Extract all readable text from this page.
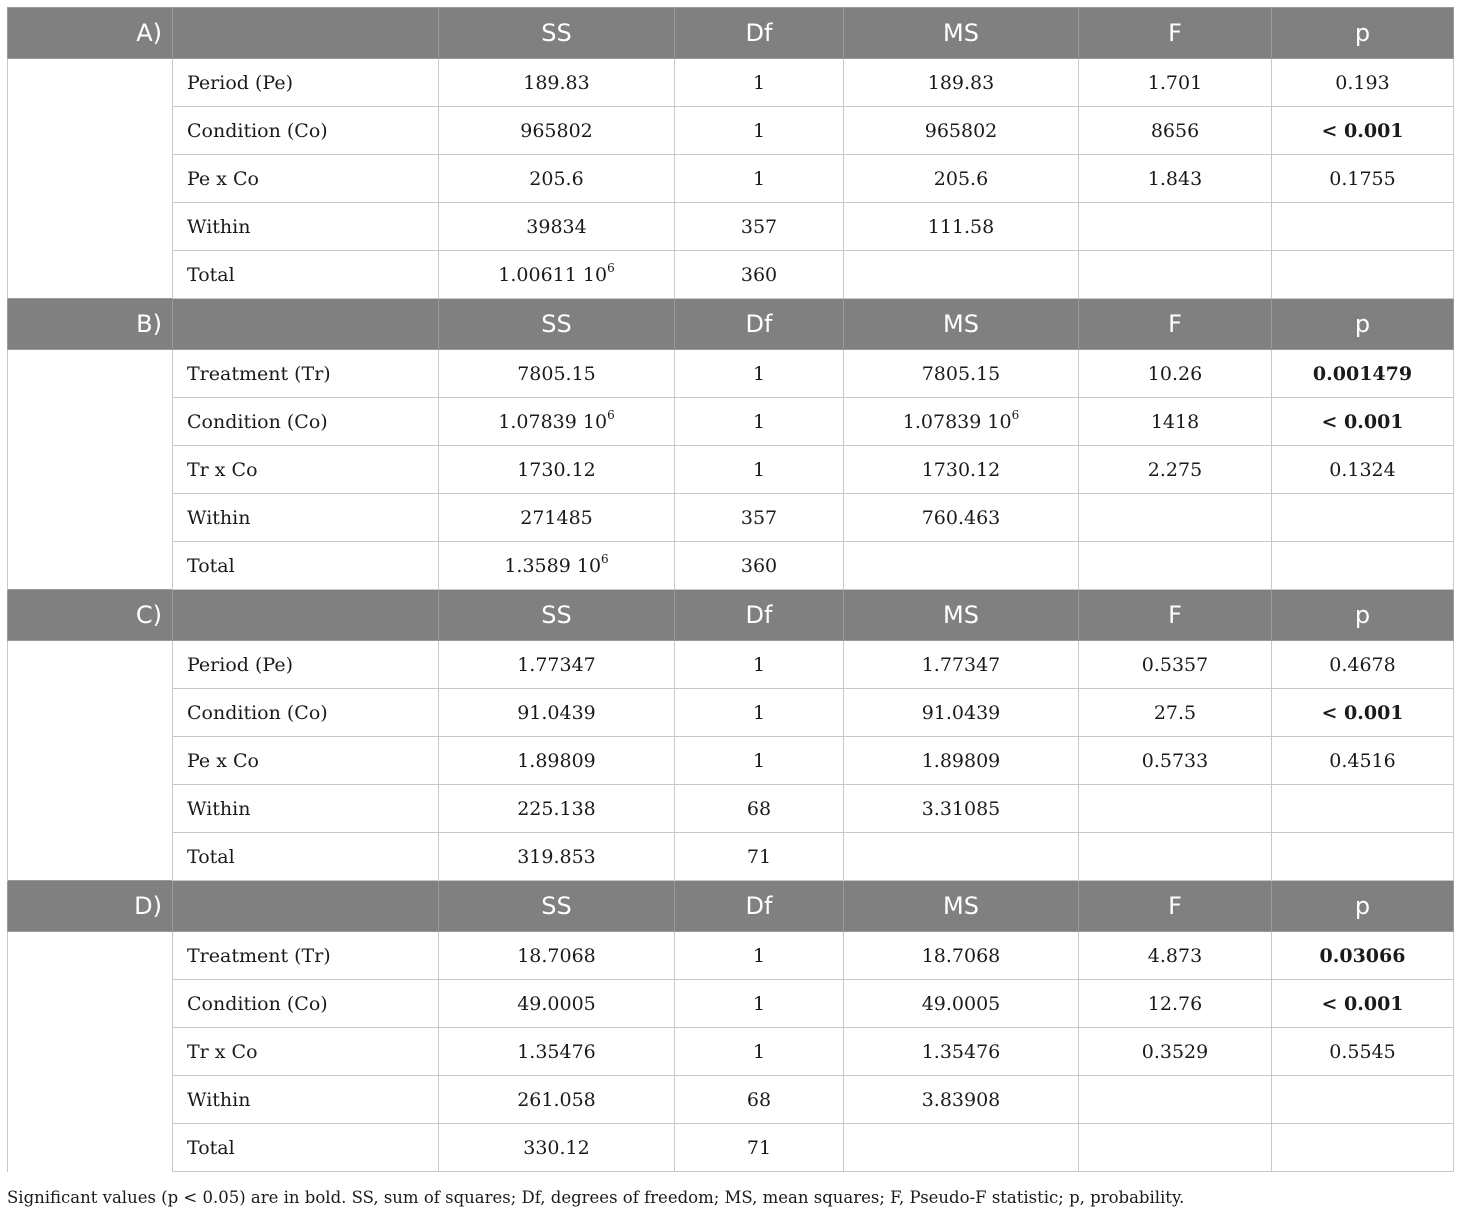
A)		SS	Df	MS	F	p
	Period (Pe)	189.83	1	189.83	1.701	0.193
	Condition (Co)	965802	1	965802	8656	< 0.001
	Pe x Co	205.6	1	205.6	1.843	0.1755
	Within	39834	357	111.58		
	Total	1.00611 $10^6$	360			
B)		SS	Df	MS	F	p
	Treatment (Tr)	7805.15	1	7805.15	10.26	0.001479
	Condition (Co)	1.07839 $10^6$	1	1.07839 $10^6$	1418	< 0.001
	Tr x Co	1730.12	1	1730.12	2.275	0.1324
	Within	271485	357	760.463		
	Total	1.3589 $10^6$	360			
C)		SS	Df	MS	F	p
	Period (Pe)	1.77347	1	1.77347	0.5357	0.4678
	Condition (Co)	91.0439	1	91.0439	27.5	< 0.001
	Pe x Co	1.89809	1	1.89809	0.5733	0.4516
	Within	225.138	68	3.31085		
	Total	319.853	71			
D)		SS	Df	MS	F	p
	Treatment (Tr)	18.7068	1	18.7068	4.873	0.03066
	Condition (Co)	49.0005	1	49.0005	12.76	< 0.001
	Tr x Co	1.35476	1	1.35476	0.3529	0.5545
	Within	261.058	68	3.83908		
	Total	330.12	71			
Significant values (p < 0.05) are in bold. SS, sum of squares; Df, degrees of freedom; MS, mean squares; F, Pseudo-F statistic; p, probability.
